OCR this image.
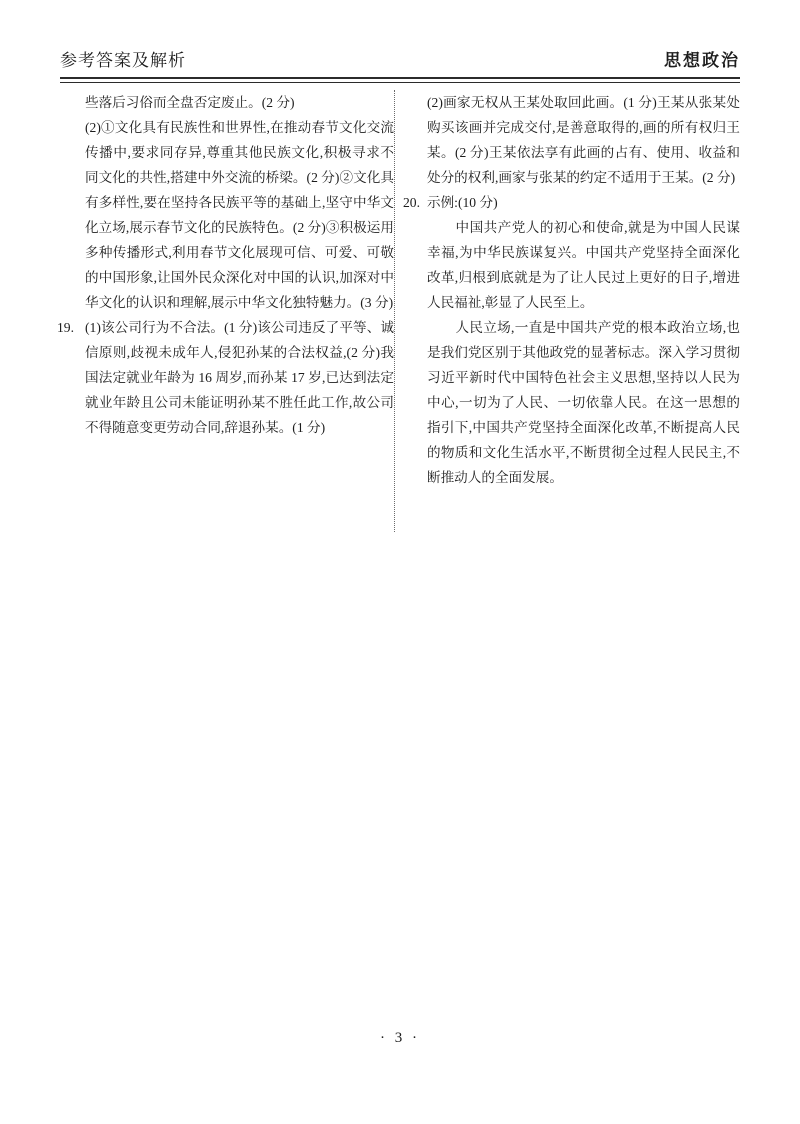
参考答案及解析	思想政治

些落后习俗而全盘否定废止。(2 分)

(2)①文化具有民族性和世界性,在推动春节文化交流传播中,要求同存异,尊重其他民族文化,积极寻求不同文化的共性,搭建中外交流的桥梁。(2 分)②文化具有多样性,要在坚持各民族平等的基础上,坚守中华文化立场,展示春节文化的民族特色。(2 分)③积极运用多种传播形式,利用春节文化展现可信、可爱、可敬的中国形象,让国外民众深化对中国的认识,加深对中华文化的认识和理解,展示中华文化独特魅力。(3 分)

19. (1)该公司行为不合法。(1 分)该公司违反了平等、诚信原则,歧视未成年人,侵犯孙某的合法权益,(2 分)我国法定就业年龄为 16 周岁,而孙某 17 岁,已达到法定就业年龄且公司未能证明孙某不胜任此工作,故公司不得随意变更劳动合同,辞退孙某。(1 分)

(2)画家无权从王某处取回此画。(1 分)王某从张某处购买该画并完成交付,是善意取得的,画的所有权归王某。(2 分)王某依法享有此画的占有、使用、收益和处分的权利,画家与张某的约定不适用于王某。(2 分)

20. 示例:(10 分)

中国共产党人的初心和使命,就是为中国人民谋幸福,为中华民族谋复兴。中国共产党坚持全面深化改革,归根到底就是为了让人民过上更好的日子,增进人民福祉,彰显了人民至上。

人民立场,一直是中国共产党的根本政治立场,也是我们党区别于其他政党的显著标志。深入学习贯彻习近平新时代中国特色社会主义思想,坚持以人民为中心,一切为了人民、一切依靠人民。在这一思想的指引下,中国共产党坚持全面深化改革,不断提高人民的物质和文化生活水平,不断贯彻全过程人民民主,不断推动人的全面发展。

· 3 ·
